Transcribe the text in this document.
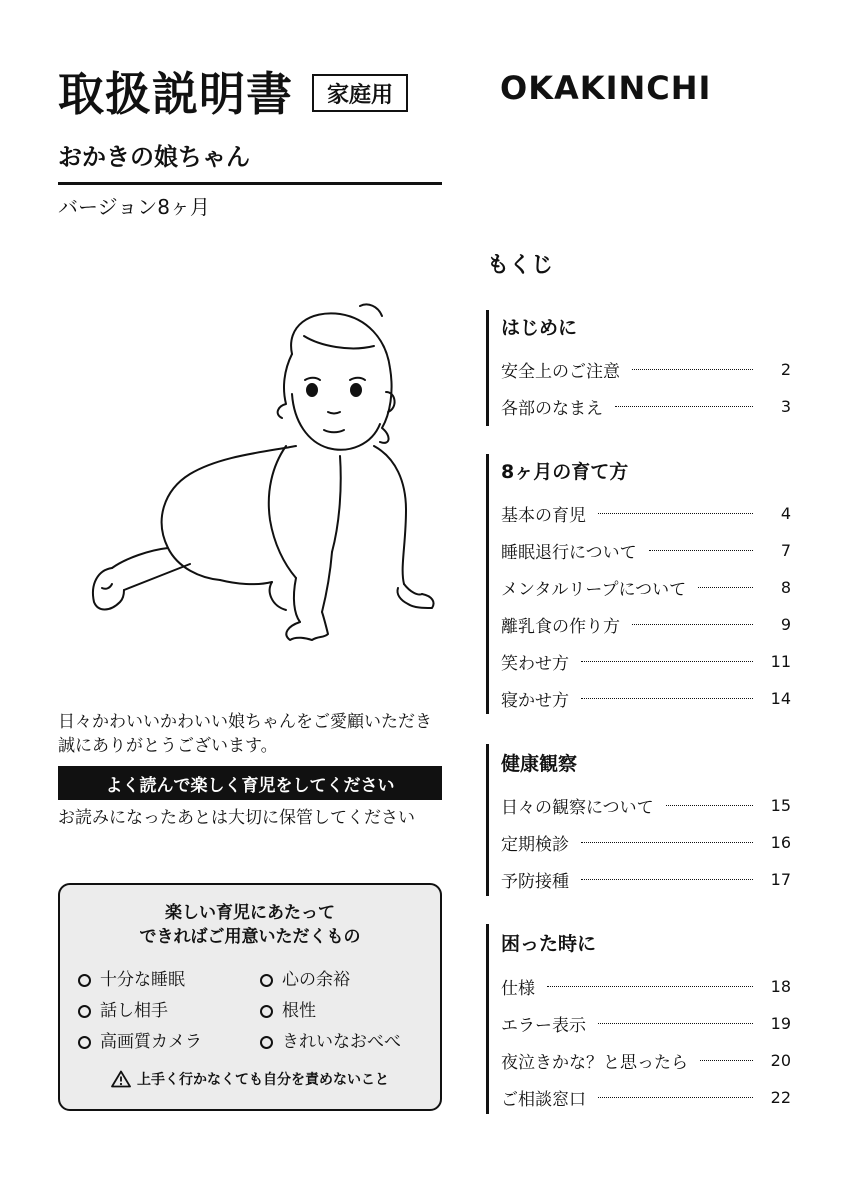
取扱説明書	家庭用	OKAKINCHI
おかきの娘ちゃん
バージョン8ヶ月
日々かわいいかわいい娘ちゃんをご愛顧いただき誠にありがとうございます。
よく読んで楽しく育児をしてください
お読みになったあとは大切に保管してください
楽しい育児にあたって
できればご用意いただくもの
十分な睡眠	心の余裕
話し相手	根性
高画質カメラ	きれいなおべべ
上手く行かなくても自分を責めないこと
もくじ
はじめに
安全上のご注意	2
各部のなまえ	3
8ヶ月の育て方
基本の育児	4
睡眠退行について	7
メンタルリープについて	8
離乳食の作り方	9
笑わせ方	11
寝かせ方	14
健康観察
日々の観察について	15
定期検診	16
予防接種	17
困った時に
仕様	18
エラー表示	19
夜泣きかな？と思ったら	20
ご相談窓口	22
